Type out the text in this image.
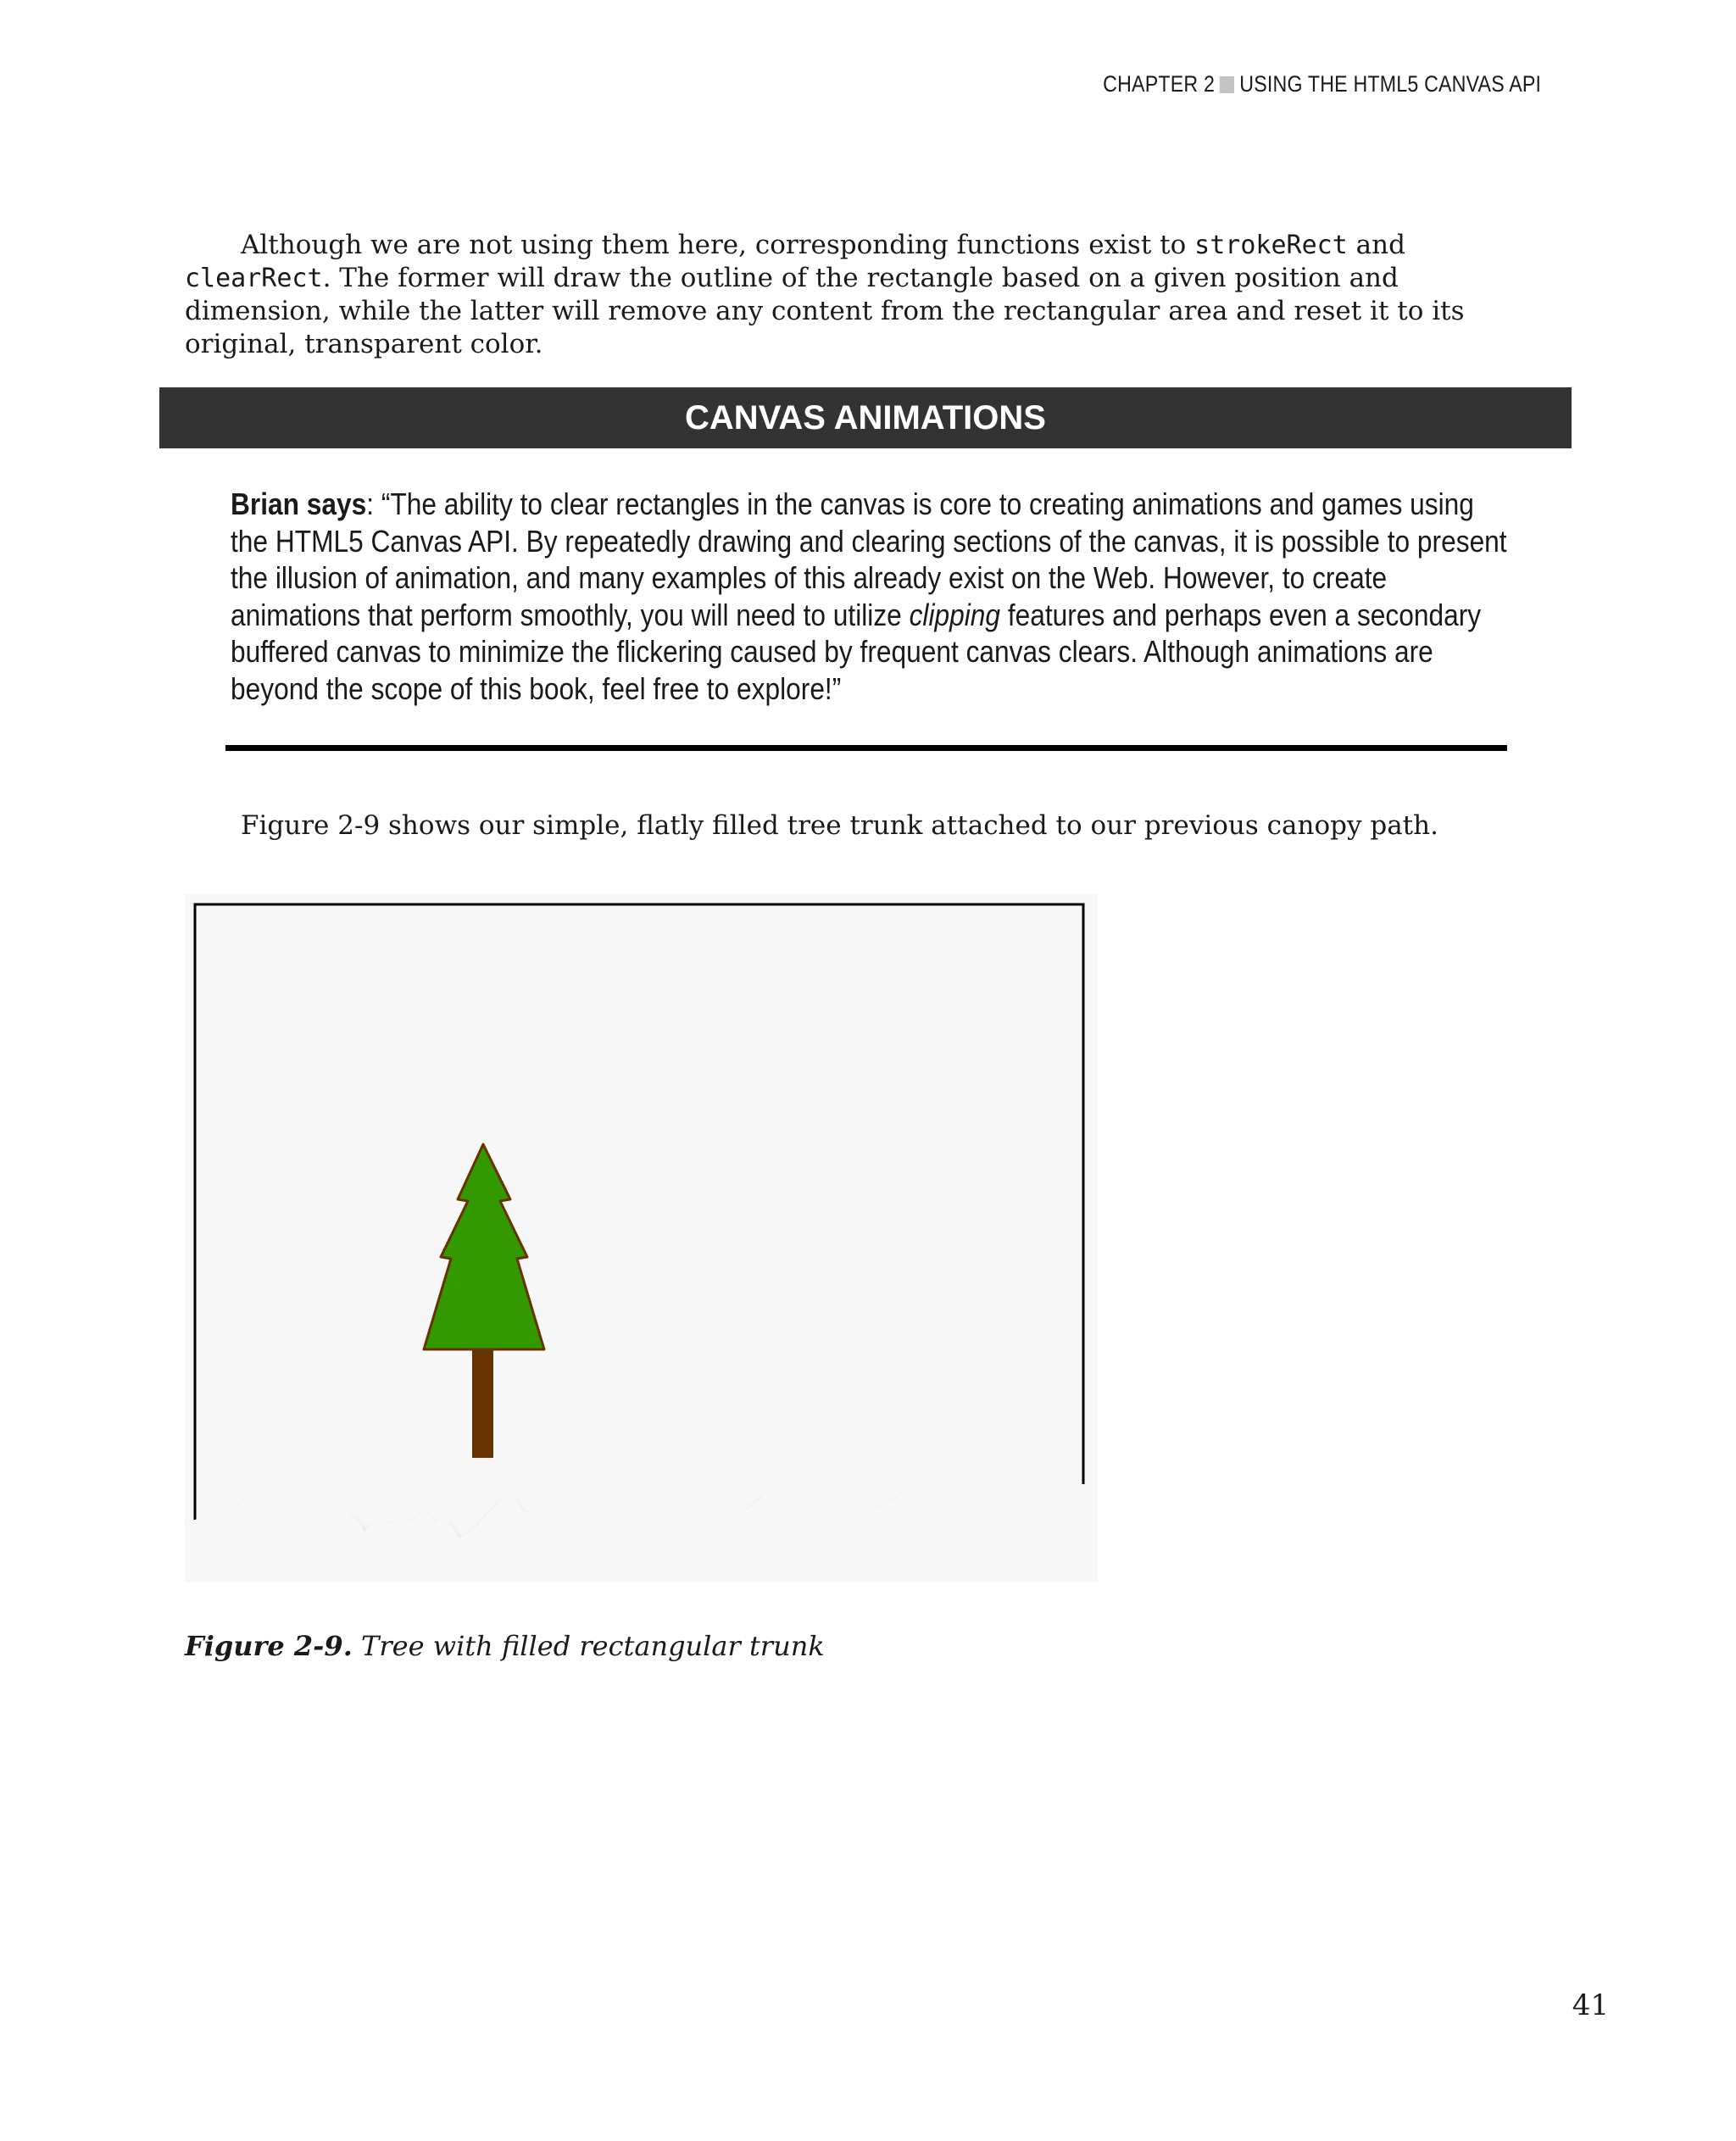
CHAPTER 2 USING THE HTML5 CANVAS API

Although we are not using them here, corresponding functions exist to strokeRect and clearRect. The former will draw the outline of the rectangle based on a given position and dimension, while the latter will remove any content from the rectangular area and reset it to its original, transparent color.

CANVAS ANIMATIONS

Brian says: “The ability to clear rectangles in the canvas is core to creating animations and games using the HTML5 Canvas API. By repeatedly drawing and clearing sections of the canvas, it is possible to present the illusion of animation, and many examples of this already exist on the Web. However, to create animations that perform smoothly, you will need to utilize clipping features and perhaps even a secondary buffered canvas to minimize the flickering caused by frequent canvas clears. Although animations are beyond the scope of this book, feel free to explore!”

Figure 2-9 shows our simple, flatly filled tree trunk attached to our previous canopy path.

Figure 2-9. Tree with filled rectangular trunk
41
